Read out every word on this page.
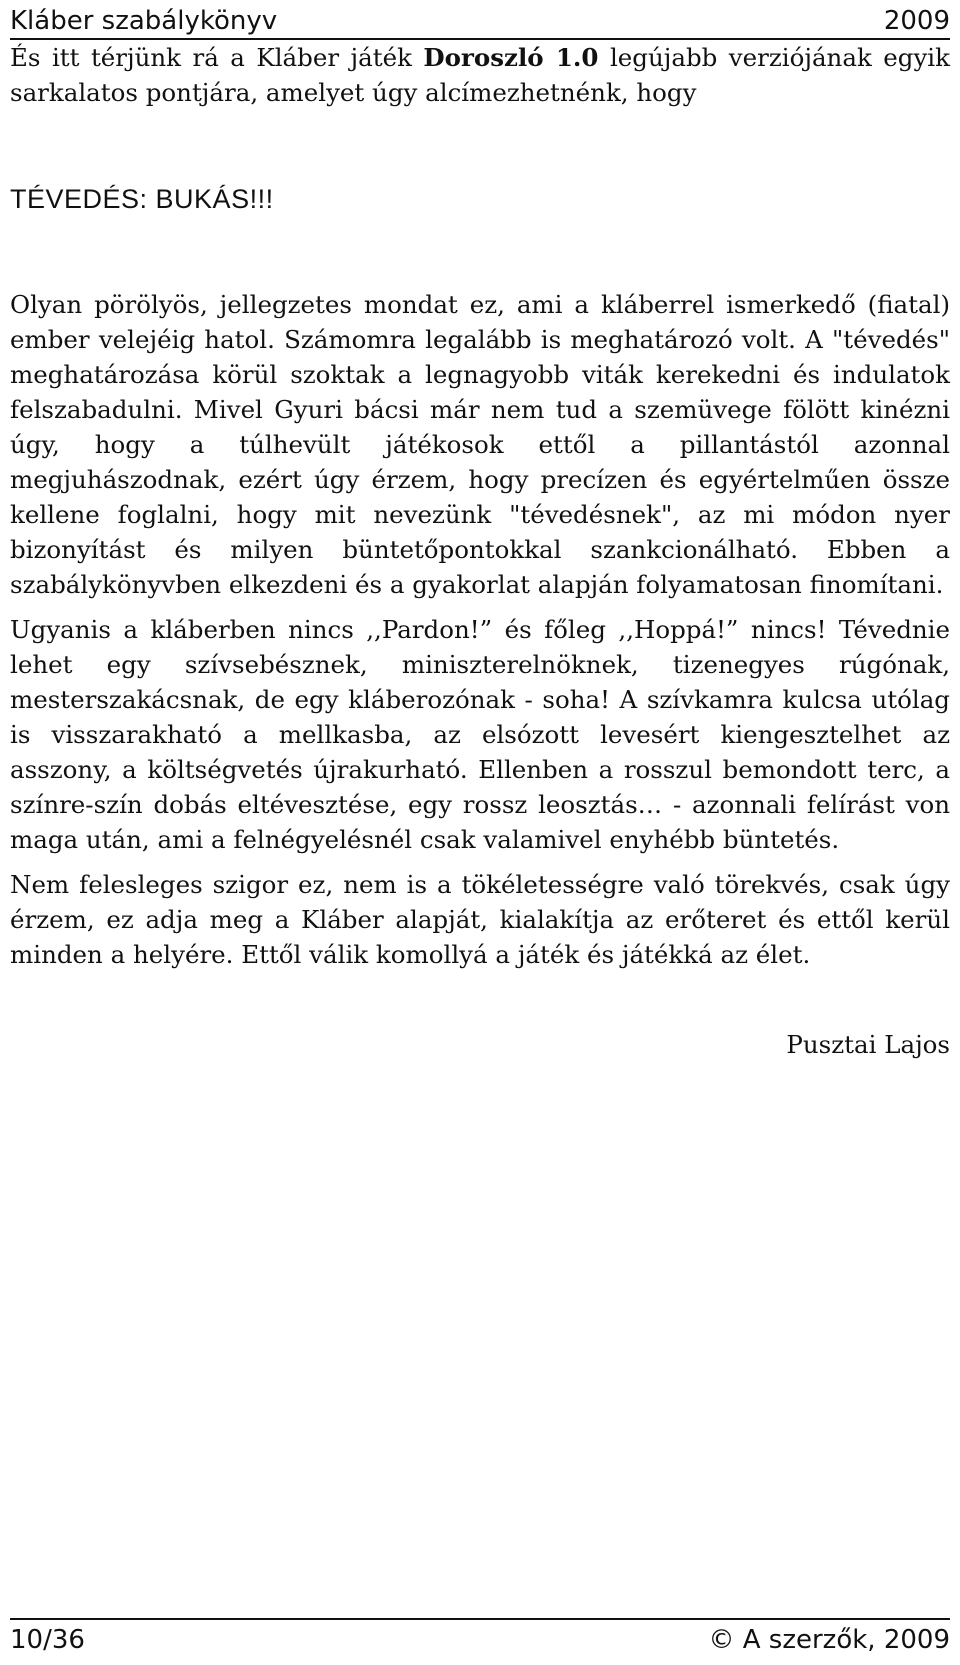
Kláber szabálykönyv	2009

És itt térjünk rá a Kláber játék Doroszló 1.0 legújabb verziójának egyik sarkalatos pontjára, amelyet úgy alcímezhetnénk, hogy

TÉVEDÉS: BUKÁS!!!

Olyan pörölyös, jellegzetes mondat ez, ami a kláberrel ismerkedő (fiatal) ember velejéig hatol. Számomra legalább is meghatározó volt. A "tévedés" meghatározása körül szoktak a legnagyobb viták kerekedni és indulatok felszabadulni. Mivel Gyuri bácsi már nem tud a szemüvege fölött kinézni úgy, hogy a túlhevült játékosok ettől a pillantástól azonnal megjuhászodnak, ezért úgy érzem, hogy precízen és egyértelműen össze kellene foglalni, hogy mit nevezünk "tévedésnek", az mi módon nyer bizonyítást és milyen büntetőpontokkal szankcionálható. Ebben a szabálykönyvben elkezdeni és a gyakorlat alapján folyamatosan finomítani.

Ugyanis a kláberben nincs ,,Pardon!” és főleg ,,Hoppá!” nincs! Tévednie lehet egy szívsebésznek, miniszterelnöknek, tizenegyes rúgónak, mesterszakácsnak, de egy kláberozónak - soha! A szívkamra kulcsa utólag is visszarakható a mellkasba, az elsózott levesért kiengesztelhet az asszony, a költségvetés újrakurható. Ellenben a rosszul bemondott terc, a színre-szín dobás eltévesztése, egy rossz leosztás… - azonnali felírást von maga után, ami a felnégyelésnél csak valamivel enyhébb büntetés.

Nem felesleges szigor ez, nem is a tökéletességre való törekvés, csak úgy érzem, ez adja meg a Kláber alapját, kialakítja az erőteret és ettől kerül minden a helyére. Ettől válik komollyá a játék és játékká az élet.

Pusztai Lajos

10/36	© A szerzők, 2009
